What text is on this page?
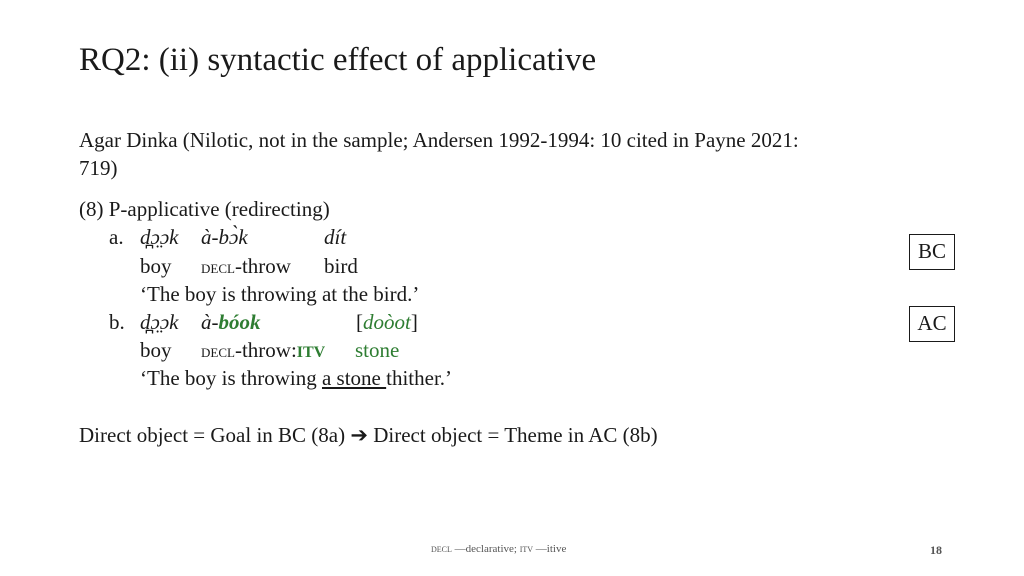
RQ2: (ii) syntactic effect of applicative
Agar Dinka (Nilotic, not in the sample; Andersen 1992-1994: 10 cited in Payne 2021:
719)
(8) P-applicative (redirecting)
a. d̪ɔ̤ɔk à-bɔ̀k	dít
boy decl-throw bird
‘The boy is throwing at the bird.’
b. d̪ɔ̤ɔk à-bóok	[doòot]
boy decl-throw:ITV stone
‘The boy is throwing a stone thither.’
BC
AC
Direct object = Goal in BC (8a) ➔ Direct object = Theme in AC (8b)
decl —declarative; itv —itive	18
